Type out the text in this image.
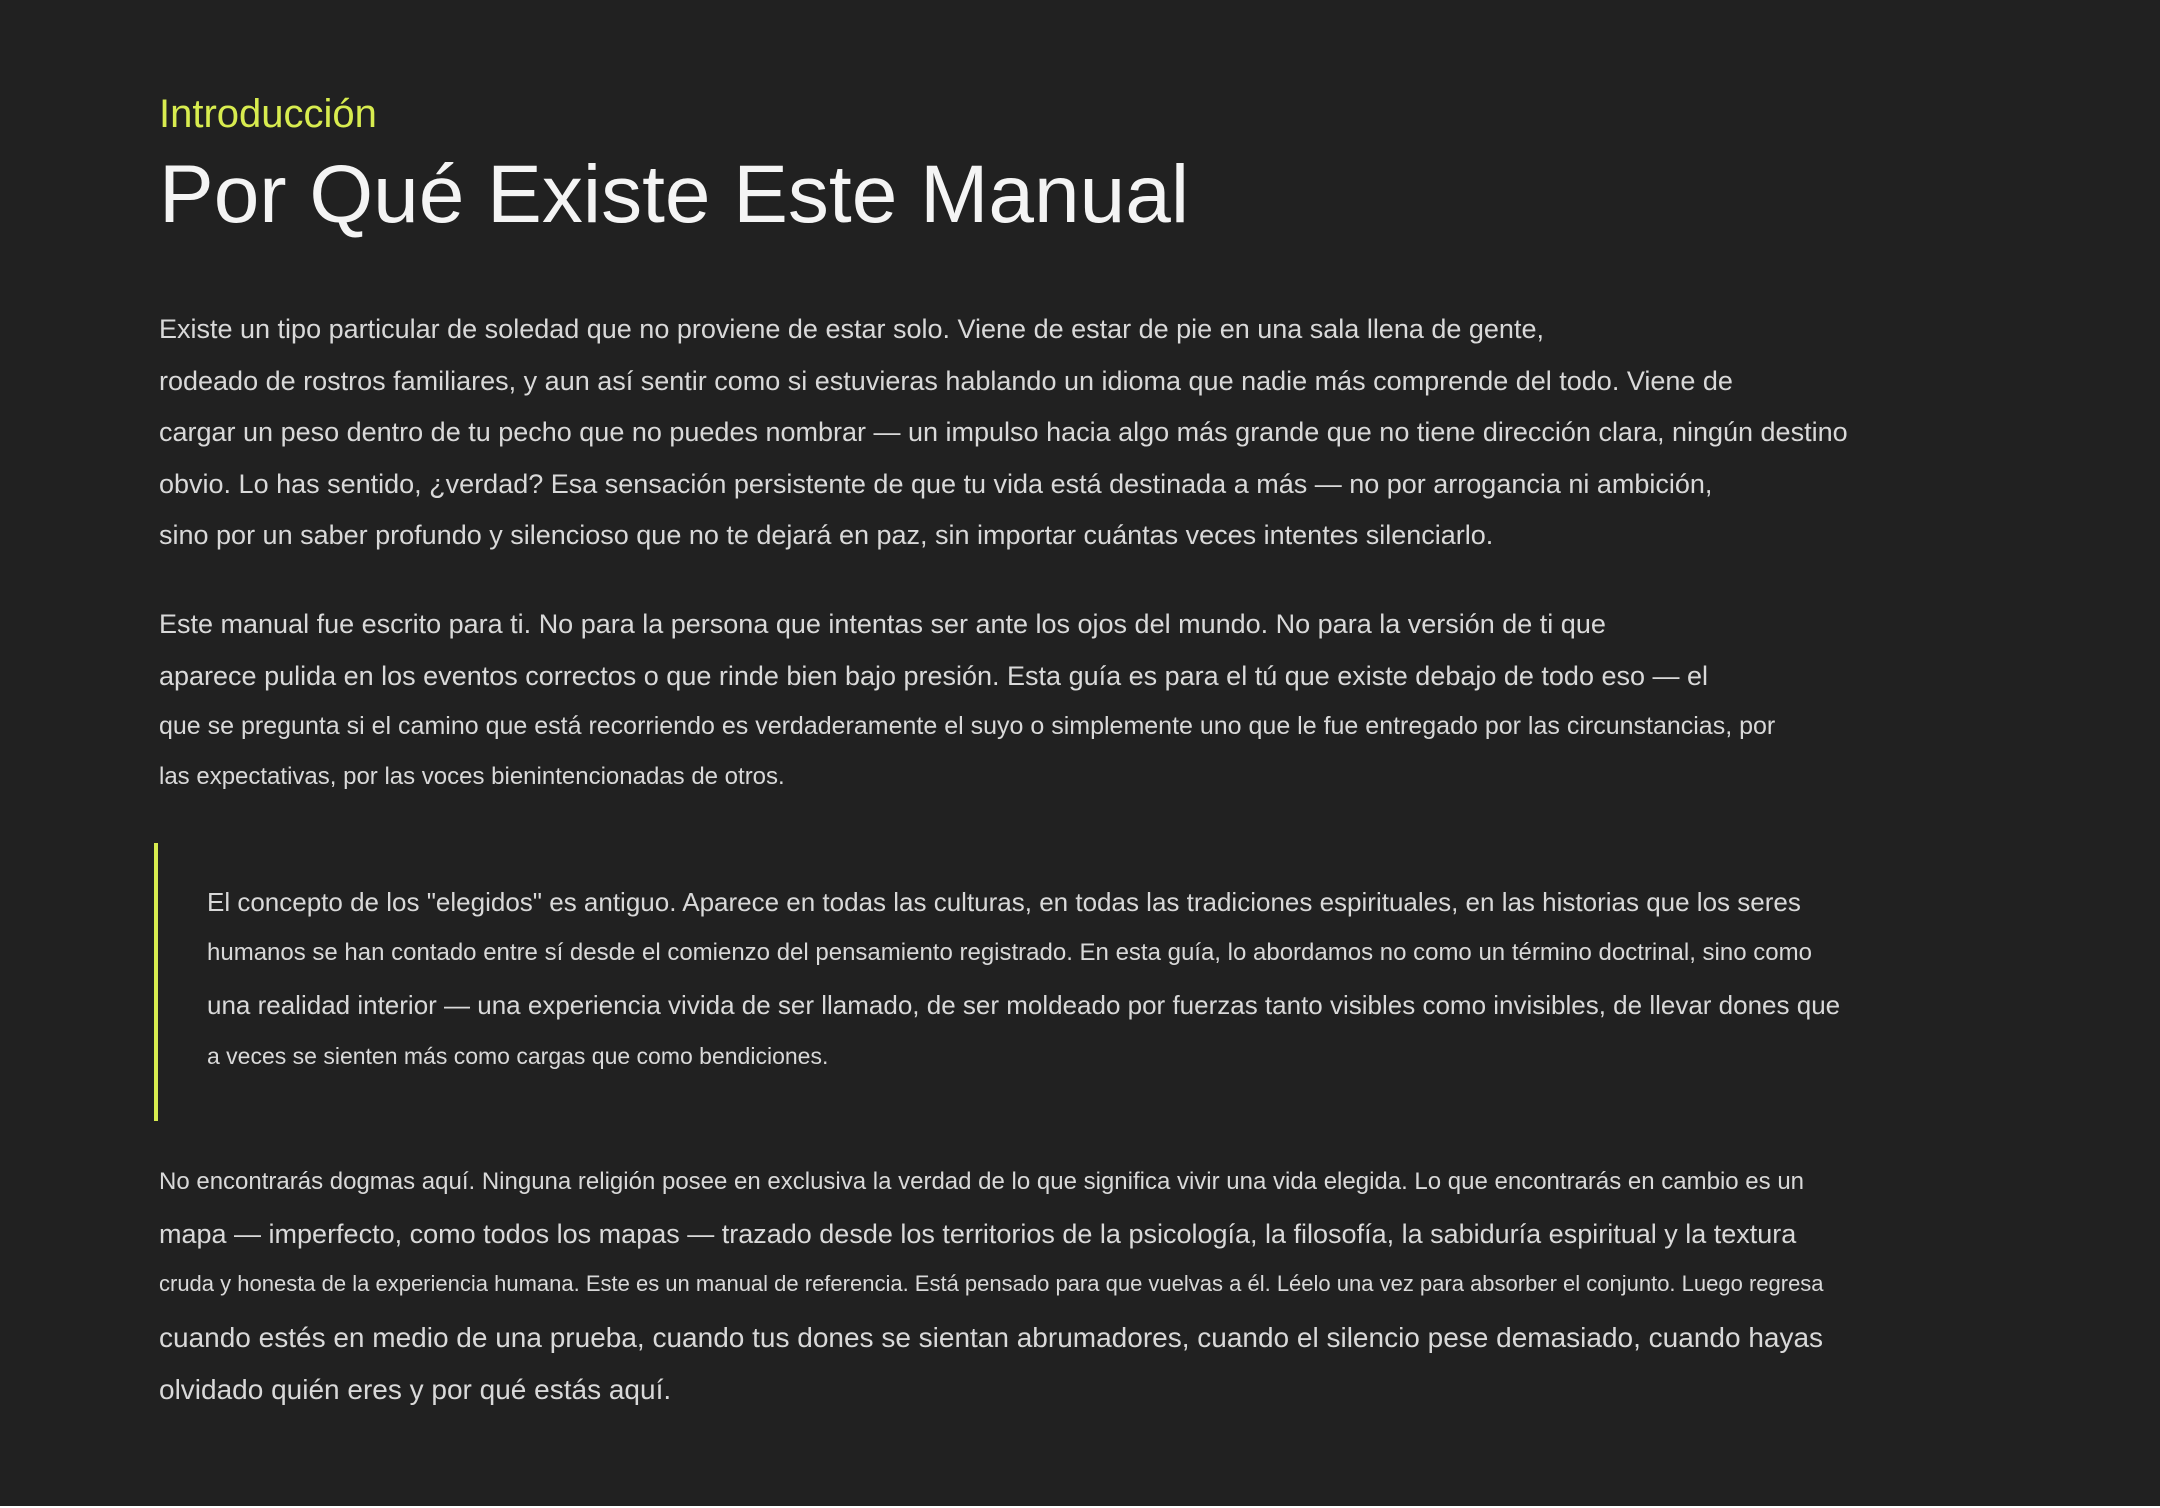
Introducción

Por Qué Existe Este Manual
Existe un tipo particular de soledad que no proviene de estar solo. Viene de estar de pie en una sala llena de gente,
rodeado de rostros familiares, y aun así sentir como si estuvieras hablando un idioma que nadie más comprende del todo. Viene de
cargar un peso dentro de tu pecho que no puedes nombrar — un impulso hacia algo más grande que no tiene dirección clara, ningún destino
obvio. Lo has sentido, ¿verdad? Esa sensación persistente de que tu vida está destinada a más — no por arrogancia ni ambición,
sino por un saber profundo y silencioso que no te dejará en paz, sin importar cuántas veces intentes silenciarlo.
Este manual fue escrito para ti. No para la persona que intentas ser ante los ojos del mundo. No para la versión de ti que
aparece pulida en los eventos correctos o que rinde bien bajo presión. Esta guía es para el tú que existe debajo de todo eso — el
que se pregunta si el camino que está recorriendo es verdaderamente el suyo o simplemente uno que le fue entregado por las circunstancias, por
las expectativas, por las voces bienintencionadas de otros.
El concepto de los "elegidos" es antiguo. Aparece en todas las culturas, en todas las tradiciones espirituales, en las historias que los seres
humanos se han contado entre sí desde el comienzo del pensamiento registrado. En esta guía, lo abordamos no como un término doctrinal, sino como
una realidad interior — una experiencia vivida de ser llamado, de ser moldeado por fuerzas tanto visibles como invisibles, de llevar dones que
a veces se sienten más como cargas que como bendiciones.
No encontrarás dogmas aquí. Ninguna religión posee en exclusiva la verdad de lo que significa vivir una vida elegida. Lo que encontrarás en cambio es un
mapa — imperfecto, como todos los mapas — trazado desde los territorios de la psicología, la filosofía, la sabiduría espiritual y la textura
cruda y honesta de la experiencia humana. Este es un manual de referencia. Está pensado para que vuelvas a él. Léelo una vez para absorber el conjunto. Luego regresa
cuando estés en medio de una prueba, cuando tus dones se sientan abrumadores, cuando el silencio pese demasiado, cuando hayas
olvidado quién eres y por qué estás aquí.
